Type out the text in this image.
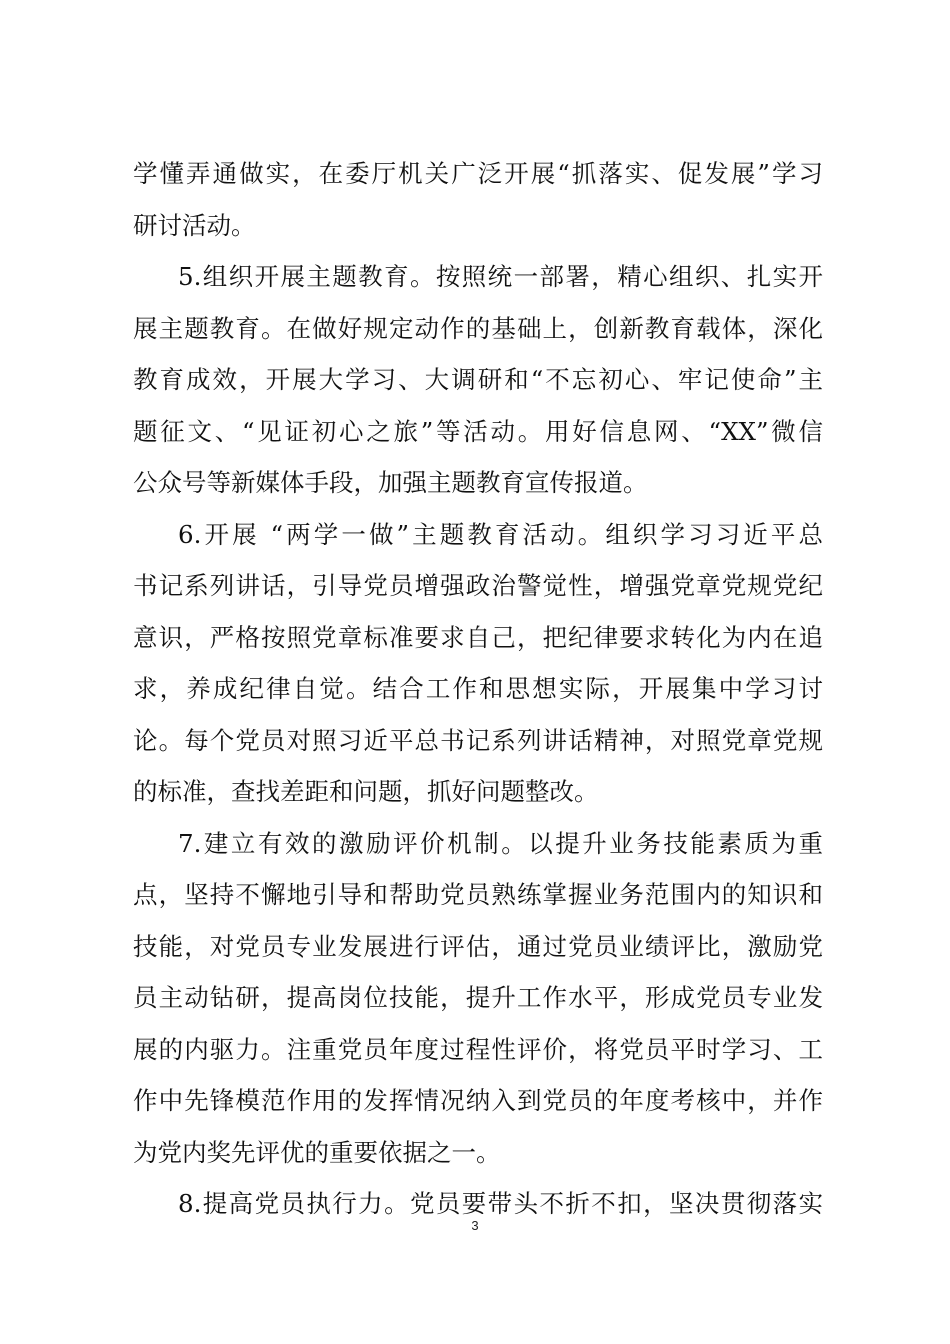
学懂弄通做实，在委厅机关广泛开展“抓落实、促发展”学习
研讨活动。
5.组织开展主题教育。按照统一部署，精心组织、扎实开
展主题教育。在做好规定动作的基础上，创新教育载体，深化
教育成效，开展大学习、大调研和“不忘初心、牢记使命”主
题征文、“见证初心之旅”等活动。用好信息网、“XX”微信
公众号等新媒体手段，加强主题教育宣传报道。
6.开展 “两学一做”主题教育活动。组织学习习近平总
书记系列讲话，引导党员增强政治警觉性，增强党章党规党纪
意识，严格按照党章标准要求自己，把纪律要求转化为内在追
求，养成纪律自觉。结合工作和思想实际，开展集中学习讨
论。每个党员对照习近平总书记系列讲话精神，对照党章党规
的标准，查找差距和问题，抓好问题整改。
7.建立有效的激励评价机制。以提升业务技能素质为重
点，坚持不懈地引导和帮助党员熟练掌握业务范围内的知识和
技能，对党员专业发展进行评估，通过党员业绩评比，激励党
员主动钻研，提高岗位技能，提升工作水平，形成党员专业发
展的内驱力。注重党员年度过程性评价，将党员平时学习、工
作中先锋模范作用的发挥情况纳入到党员的年度考核中，并作
为党内奖先评优的重要依据之一。
8.提高党员执行力。党员要带头不折不扣，坚决贯彻落实
3
